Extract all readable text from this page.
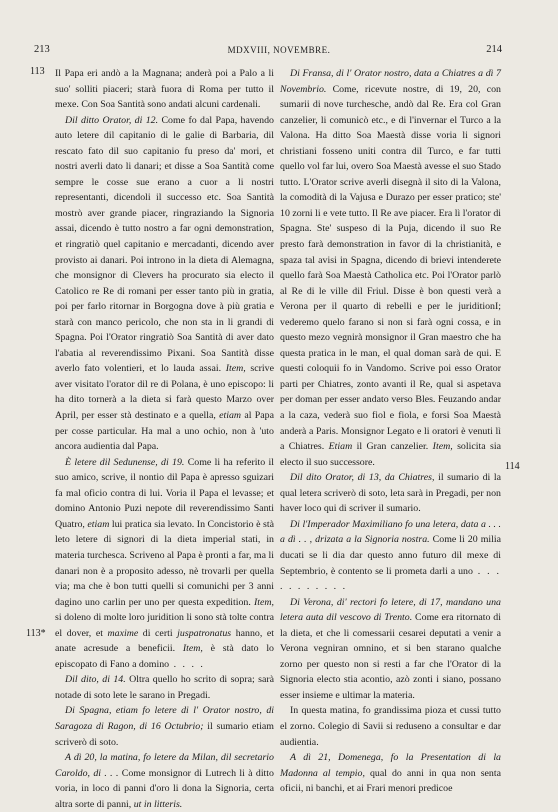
213	MDXVIII, NOVEMBRE.	214
113
113*
114

Il Papa eri andò a la Magnana; anderà poi a Palo a li suo' solliti piaceri; starà fuora di Roma per tutto il mexe. Con Soa Santità sono andati alcuni cardenali.

Dil ditto Orator, di 12. Come fo dal Papa, havendo auto letere dil capitanio di le galie di Barbaria, dil rescato fato dil suo capitanio fu preso da' mori, et nostri averli dato li danari; et disse a Soa Santità come sempre le cosse sue erano a cuor a li nostri representanti, dicendoli il successo etc. Soa Santità mostrò aver grande piacer, ringraziando la Signoria assai, dicendo è tutto nostro a far ogni demonstration, et ringratiò quel capitanio e mercadanti, dicendo aver provisto ai danari. Poi introno in la dieta di Alemagna, che monsignor di Clevers ha procurato sia electo il Catolico re Re di romani per esser tanto più in gratia, poi per farlo ritornar in Borgogna dove à più gratia e starà con manco pericolo, che non sta in li grandi di Spagna. Poi l'Orator ringratiò Soa Santità di aver dato l'abatia al reverendissimo Pixani. Soa Santità disse averlo fato volentieri, et lo lauda assai. Item, scrive aver visitato l'orator dil re di Polana, è uno episcopo: li ha dito tornerà a la dieta si farà questo Marzo over April, per esser stà destinato e a quella, etiam al Papa per cosse particular. Ha mal a uno ochio, non à 'uto ancora audientia dal Papa.

È letere dil Sedunense, di 19. Come li ha referito il suo amico, scrive, il nontio dil Papa è apresso sguizari fa mal oficio contra di lui. Voria il Papa el levasse; et domino Antonio Puzi nepote dil reverendissimo Santi Quatro, etiam lui pratica sia levato. In Concistorio è stà leto letere di signori di la dieta imperial stati, in materia turchesca. Scriveno al Papa è pronti a far, ma li danari non è a proposito adesso, nè trovarli per quella via; ma che è bon tutti quelli si comunichi per 3 anni dagino uno carlin per uno per questa expedition. Item, si doleno di molte loro juridition li sono stà tolte contra el dover, et maxime di certi juspatronatus hanno, et anate acresude a beneficii. Item, è stà dato lo episcopato di Fano a domino . . . .

Dil dito, di 14. Oltra quello ho scrito di sopra; sarà notade di soto lete le sarano in Pregadi.

Di Spagna, etiam fo letere di l' Orator nostro, di Saragoza di Ragon, di 16 Octubrio; il sumario etiam scriverò di soto.

A dì 20, la matina, fo letere da Milan, dil secretario Caroldo, di . . . Come monsignor di Lutrech li à ditto voria, in loco di panni d'oro li dona la Signoria, certa altra sorte di panni, ut in litteris.

Di Fransa, di l' Orator nostro, data a Chiatres a dì 7 Novembrio. Come, ricevute nostre, di 19, 20, con sumarii di nove turchesche, andò dal Re. Era col Gran canzelier, li comunicò etc., e di l'invernar el Turco a la Valona. Ha ditto Soa Maestà disse voria li signori christiani fosseno uniti contra dil Turco, e far tutti quello vol far lui, overo Soa Maestà avesse el suo Stado tutto. L'Orator scrive averli disegnà il sito di la Valona, la comodità di la Vajusa e Durazo per esser pratico; ste' 10 zorni li e vete tutto. Il Re ave piacer. Era lì l'orator di Spagna. Ste' suspeso di la Puja, dicendo il suo Re presto farà demonstration in favor di la christianità, e spaza tal avisi in Spagna, dicendo di brievi intenderete quello farà Soa Maestà Catholica etc. Poi l'Orator parlò al Re di le ville dil Friul. Disse è bon questi verà a Verona per il quarto di rebelli e per le juriditionI; vederemo quelo farano si non si farà ogni cossa, e in questo mezo vegnirà monsignor il Gran maestro che ha questa pratica in le man, el qual doman sarà de qui. E questi coloquii fo in Vandomo. Scrive poi esso Orator parti per Chiatres, zonto avanti il Re, qual si aspetava per doman per esser andato verso Bles. Feuzando andar a la caza, vederà suo fiol e fiola, e forsi Soa Maestà anderà a Paris. Monsignor Legato e li oratori è venuti lì a Chiatres. Etiam il Gran canzelier. Item, solicita sia electo il suo successore.

Dil dito Orator, di 13, da Chiatres, il sumario di la qual letera scriverò di soto, leta sarà in Pregadi, per non haver loco qui di scriver il sumario.

Di l'Imperador Maximiliano fo una letera, data a . . . a dì . . , drizata a la Signoria nostra. Come li 20 milia ducati se li dia dar questo anno futuro dil mexe di Septembrio, è contento se li prometa darli a uno . . . . . . . . . . .

Di Verona, di' rectori fo letere, di 17, mandano una letera auta dil vescovo di Trento. Come era ritornato di la dieta, et che li comessarii cesarei deputati a venir a Verona vegniran omnino, et si ben starano qualche zorno per questo non si resti a far che l'Orator di la Signoria electo stia acontio, azò zonti i siano, possano esser insieme e ultimar la materia.

In questa matina, fo grandissima pioza et cussi tutto el zorno. Colegio di Savii si reduseno a consultar e dar audientia.

A dì 21, Domenega, fo la Presentation di la Madonna al tempio, qual do anni in qua non senta oficii, ni banchi, et ai Frari menori predicoe
